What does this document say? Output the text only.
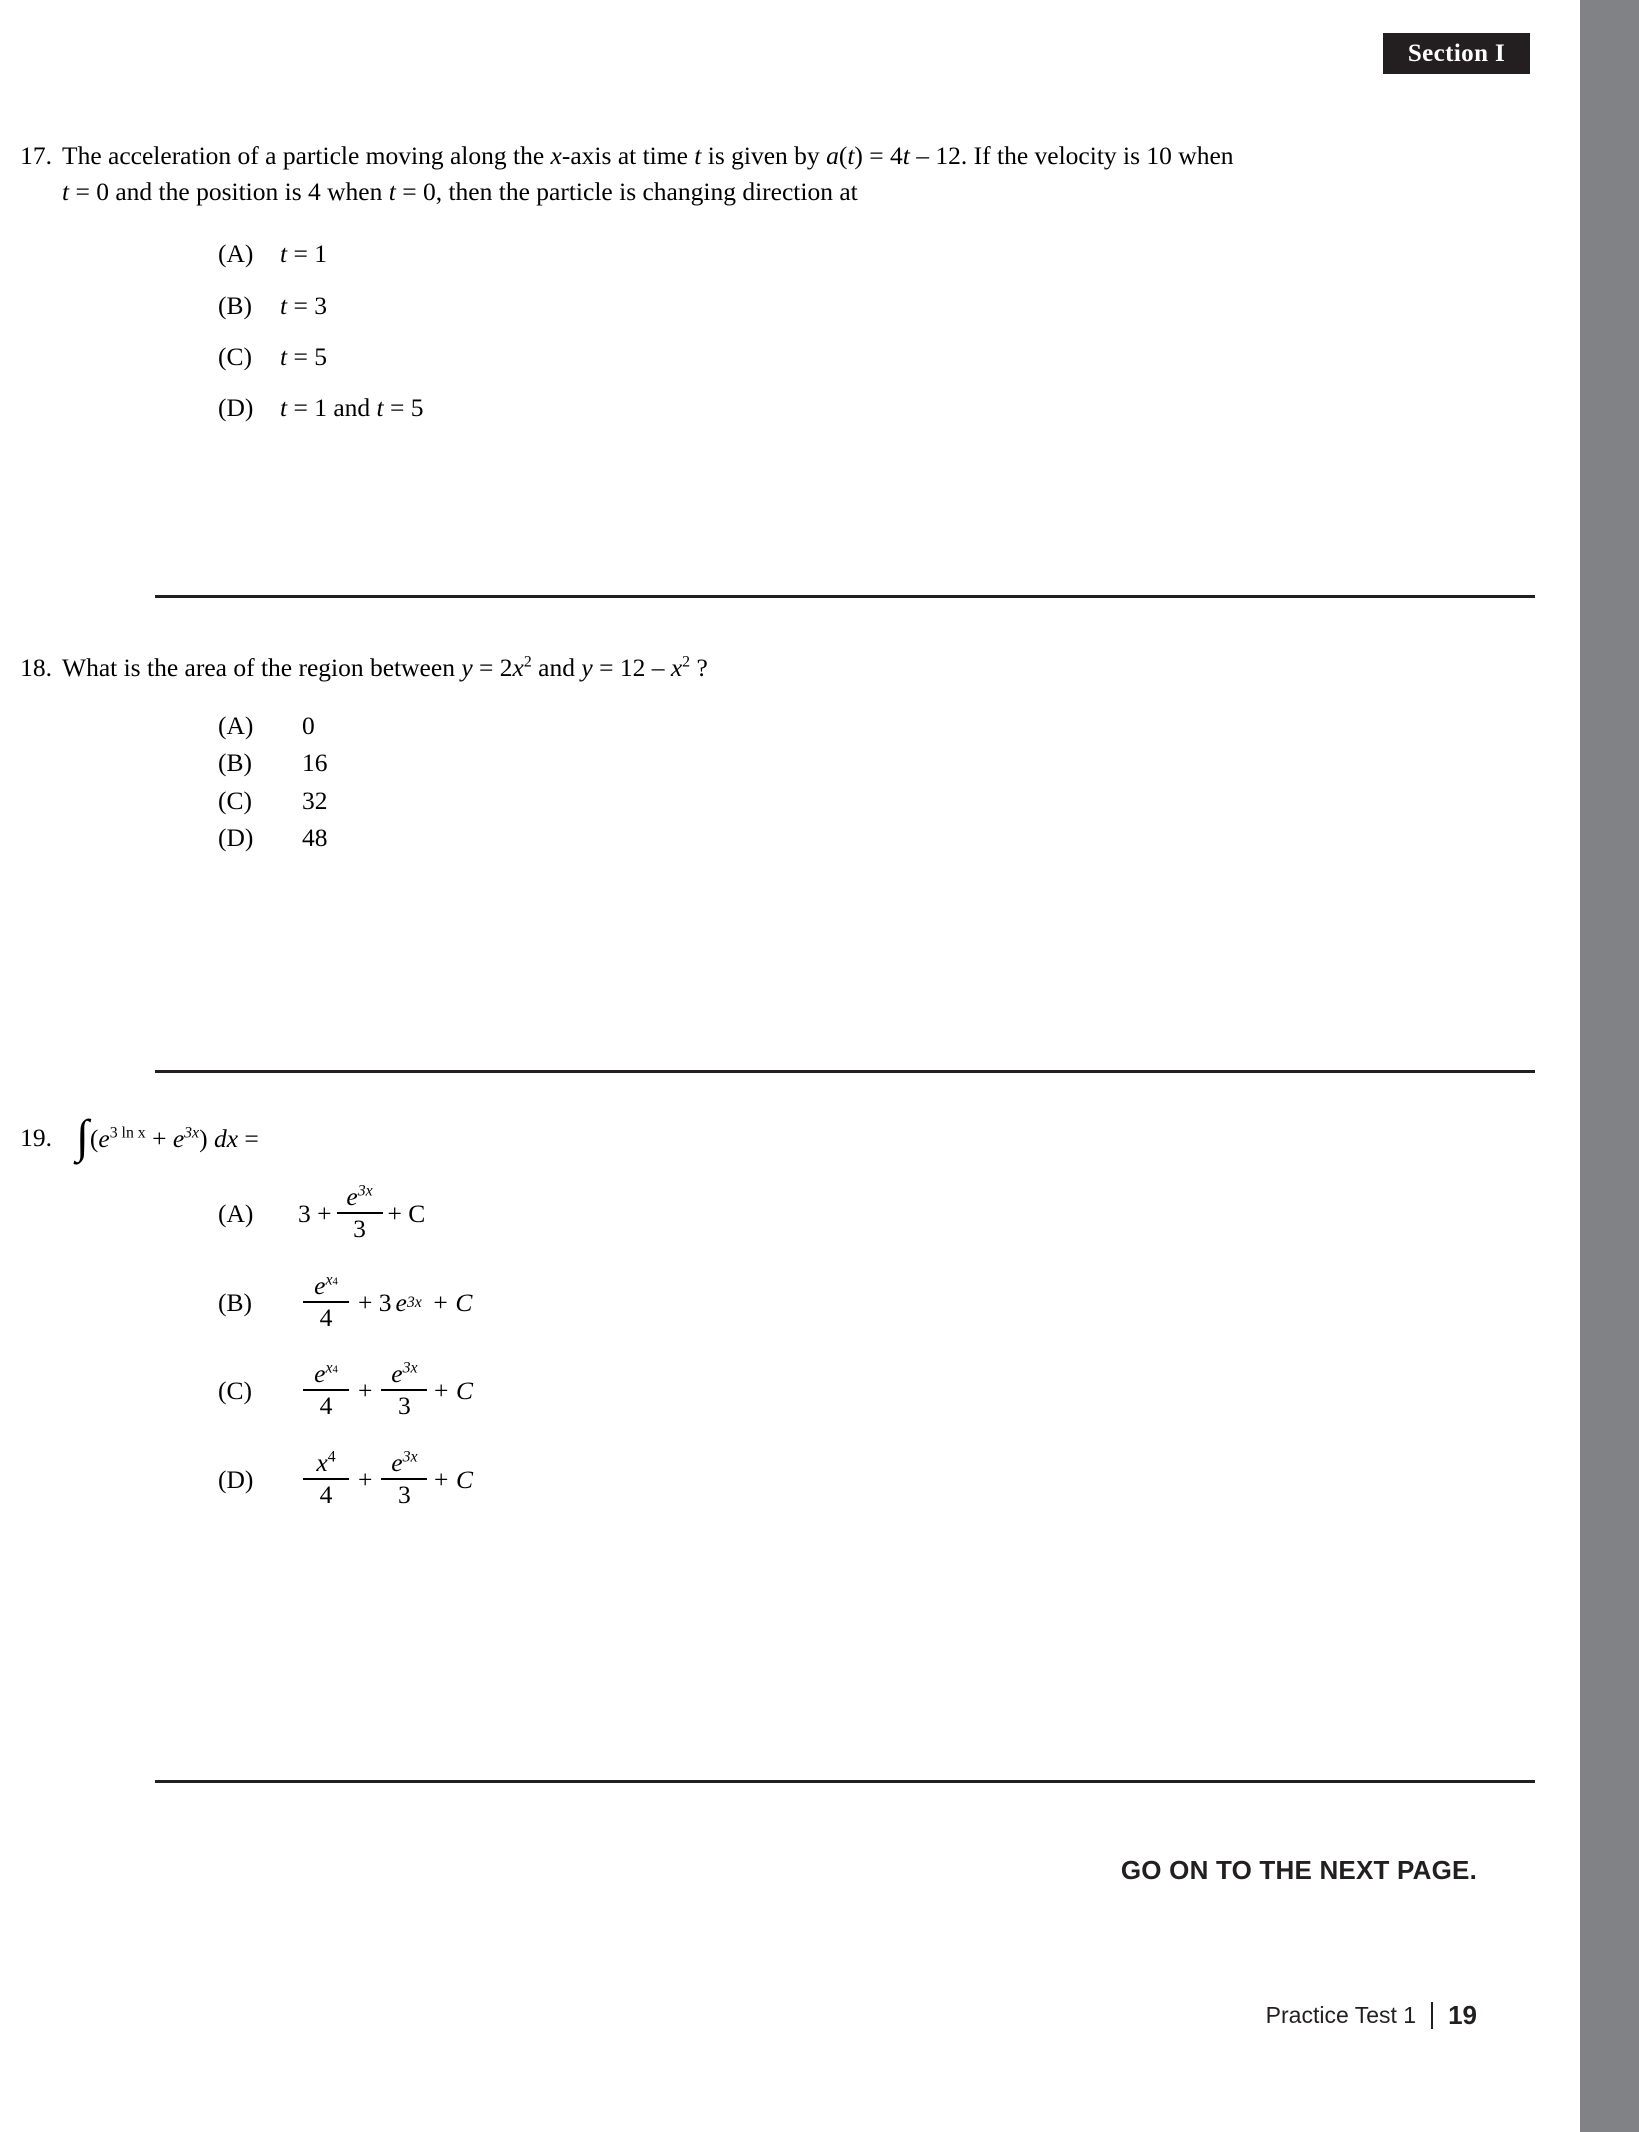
Section I
17. The acceleration of a particle moving along the x-axis at time t is given by a(t) = 4t – 12. If the velocity is 10 when
t = 0 and the position is 4 when t = 0, then the particle is changing direction at
(A)	t = 1
(B)	t = 3
(C)	t = 5
(D)	t = 1 and t = 5
18. What is the area of the region between $y = 2x^2$ and $y = 12 - x^2$ ?
(A)	0
(B)	16
(C)	32
(D)	48
19. $\int(e^{3 ln x} + e^{3x})$ dx =
(A)	$3 + \frac{e^{3x}}{3} + C$
(B)	$\frac{e^{x4}}{4} + 3$ e 3x + C
(C)	$\frac{e^{x4}}{4} + \frac{e^{3x}}{3} + C$
(D)	$\frac{x^4}{4} + \frac{e^{3x}}{3} + C$
GO ON TO THE NEXT PAGE.
Practice Test 1 19
